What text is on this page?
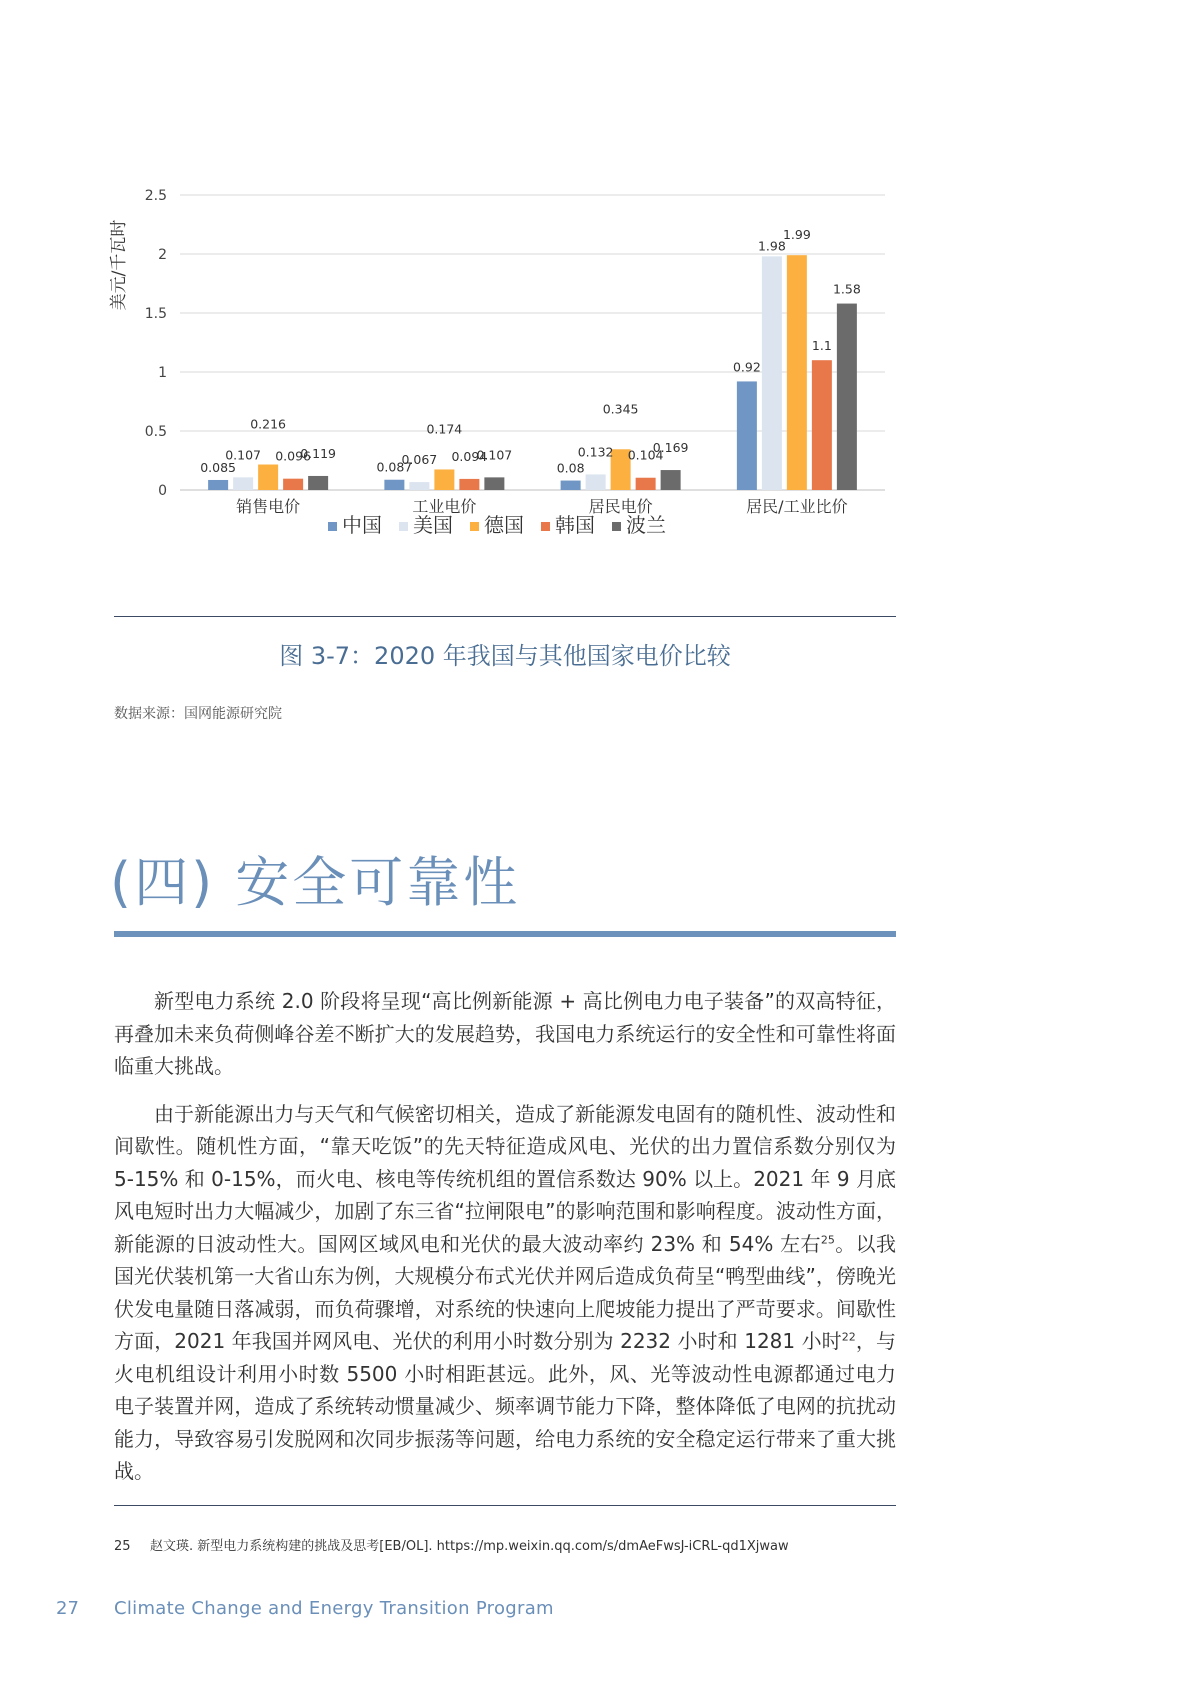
0
0.5
1
1.5
2
2.5
0.085
0.107
0.216
0.096
0.119
0.087
0.067
0.174
0.094
0.107
0.08
0.132
0.345
0.104
0.169
0.92
1.98
1.99
1.1
1.58
销售电价	工业电价	居民电价	居民/工业比价
美元/千瓦时
中国 美国 德国 韩国 波兰
图 3-7：2020 年我国与其他国家电价比较
数据来源：国网能源研究院
(四) 安全可靠性

新型电力系统 2.0 阶段将呈现“高比例新能源 + 高比例电力电子装备”的双高特征，再叠加未来负荷侧峰谷差不断扩大的发展趋势，我国电力系统运行的安全性和可靠性将面临重大挑战。

由于新能源出力与天气和气候密切相关，造成了新能源发电固有的随机性、波动性和间歇性。随机性方面，“靠天吃饭”的先天特征造成风电、光伏的出力置信系数分别仅为 5-15% 和 0-15%，而火电、核电等传统机组的置信系数达 90% 以上。2021 年 9 月底风电短时出力大幅减少，加剧了东三省“拉闸限电”的影响范围和影响程度。波动性方面，新能源的日波动性大。国网区域风电和光伏的最大波动率约 23% 和 54% 左右$^{25}$。以我国光伏装机第一大省山东为例，大规模分布式光伏并网后造成负荷呈“鸭型曲线”，傍晚光伏发电量随日落减弱，而负荷骤增，对系统的快速向上爬坡能力提出了严苛要求。间歇性方面，2021 年我国并网风电、光伏的利用小时数分别为 2232 小时和 1281 小时$^{22}$，与火电机组设计利用小时数 5500 小时相距甚远。此外，风、光等波动性电源都通过电力电子装置并网，造成了系统转动惯量减少、频率调节能力下降，整体降低了电网的抗扰动能力，导致容易引发脱网和次同步振荡等问题，给电力系统的安全稳定运行带来了重大挑战。

25 赵文瑛. 新型电力系统构建的挑战及思考[EB/OL]. https://mp.weixin.qq.com/s/dmAeFwsJ-iCRL-qd1Xjwaw
27 Climate Change and Energy Transition Program
